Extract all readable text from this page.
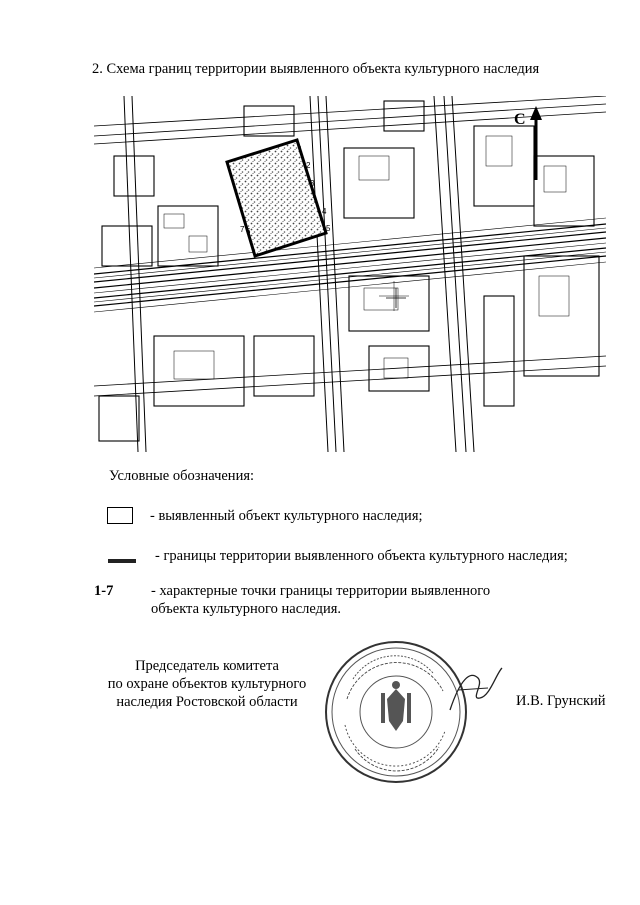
2. Схема границ территории выявленного объекта культурного наследия
1
2
3
4
5
6
7
С
Условные обозначения:
- выявленный объект культурного наследия;
- границы территории выявленного объекта культурного наследия;
1-7	- характерные точки границы территории выявленного
объекта культурного наследия.
Председатель комитета
по охране объектов культурного
наследия Ростовской области	И.В. Грунский
